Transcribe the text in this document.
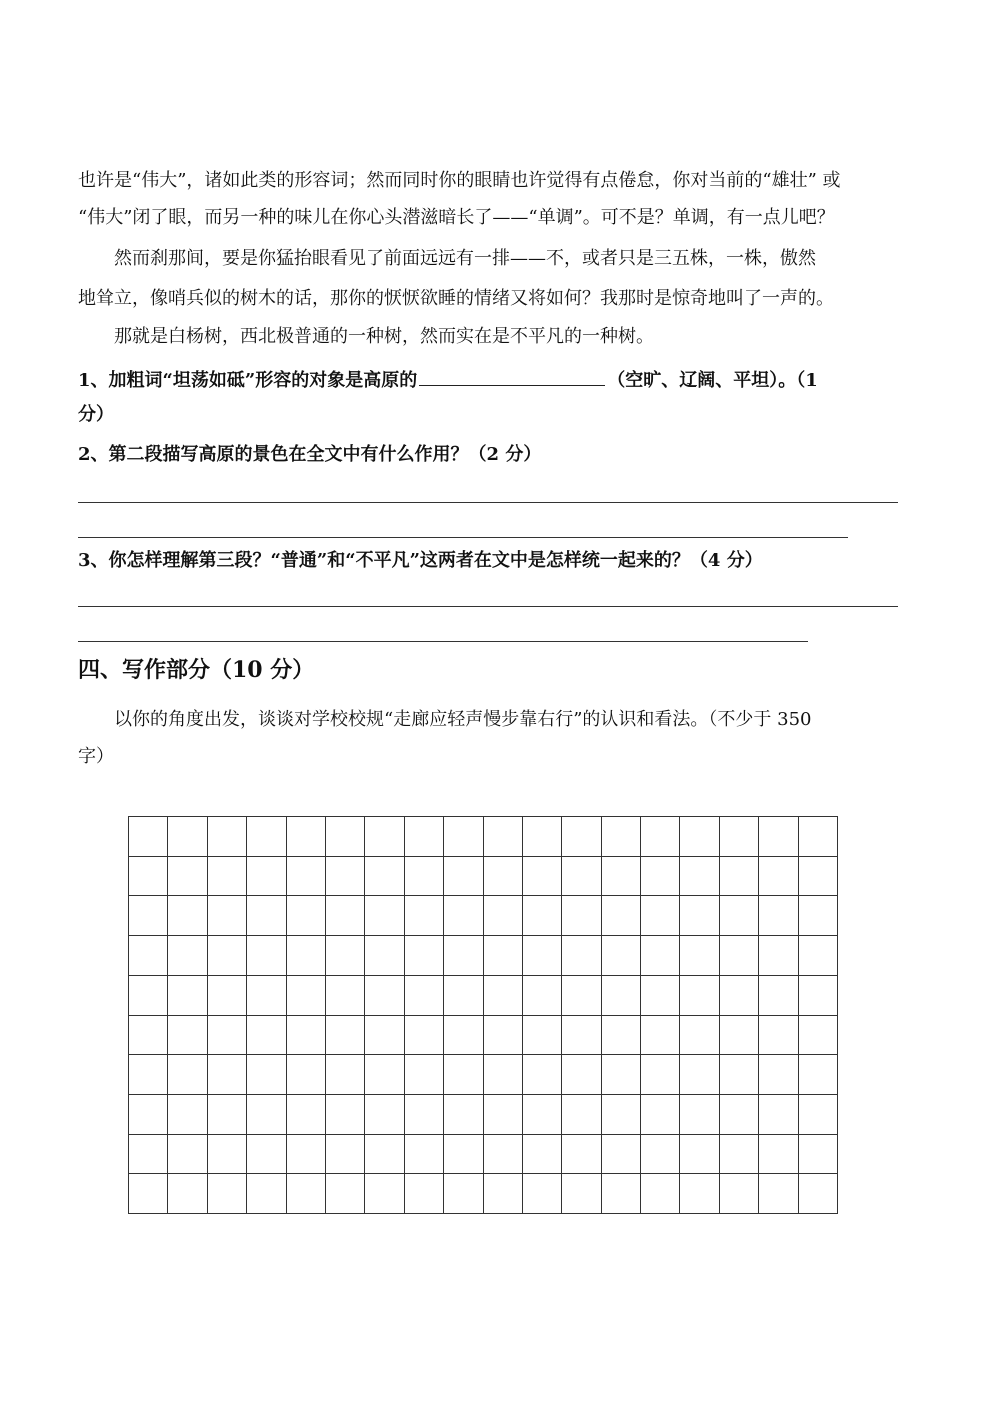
也许是“伟大”，诸如此类的形容词；然而同时你的眼睛也许觉得有点倦怠，你对当前的“雄壮” 或

“伟大”闭了眼，而另一种的味儿在你心头潜滋暗长了——“单调”。可不是？单调，有一点儿吧？

然而刹那间，要是你猛抬眼看见了前面远远有一排——不，或者只是三五株，一株，傲然

地耸立，像哨兵似的树木的话，那你的恹恹欲睡的情绪又将如何？我那时是惊奇地叫了一声的。

那就是白杨树，西北极普通的一种树，然而实在是不平凡的一种树。

1、加粗词“坦荡如砥”形容的对象是高原的	（空旷、辽阔、平坦）。（1

分）

2、第二段描写高原的景色在全文中有什么作用？（2 分）

3、你怎样理解第三段？“普通”和“不平凡”这两者在文中是怎样统一起来的？（4 分）

四、写作部分（10 分）

以你的角度出发，谈谈对学校校规“走廊应轻声慢步靠右行”的认识和看法。（不少于 350

字）
